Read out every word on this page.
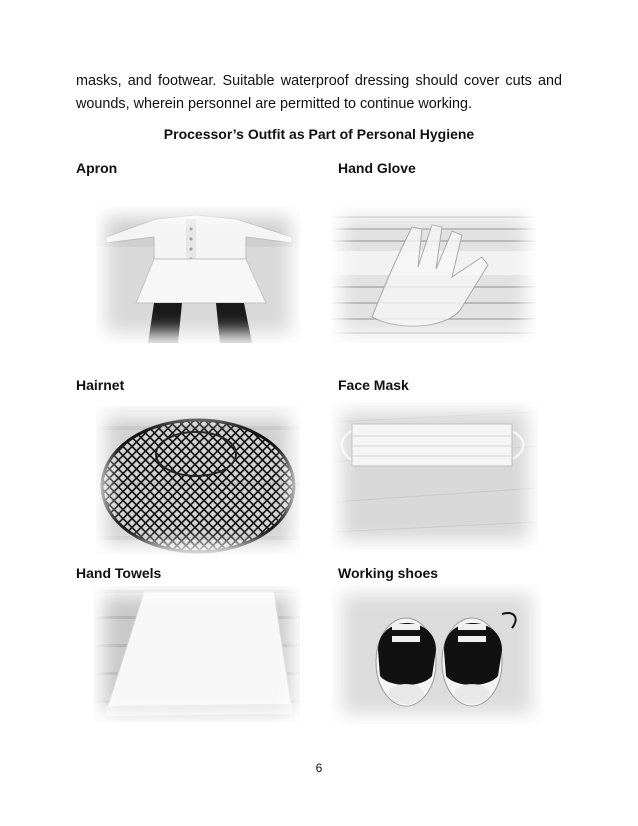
masks, and footwear. Suitable waterproof dressing should cover cuts and wounds, wherein personnel are permitted to continue working.

Processor’s Outfit as Part of Personal Hygiene

Apron	Hand Glove
Hairnet	Face Mask
Hand Towels	Working shoes
6
